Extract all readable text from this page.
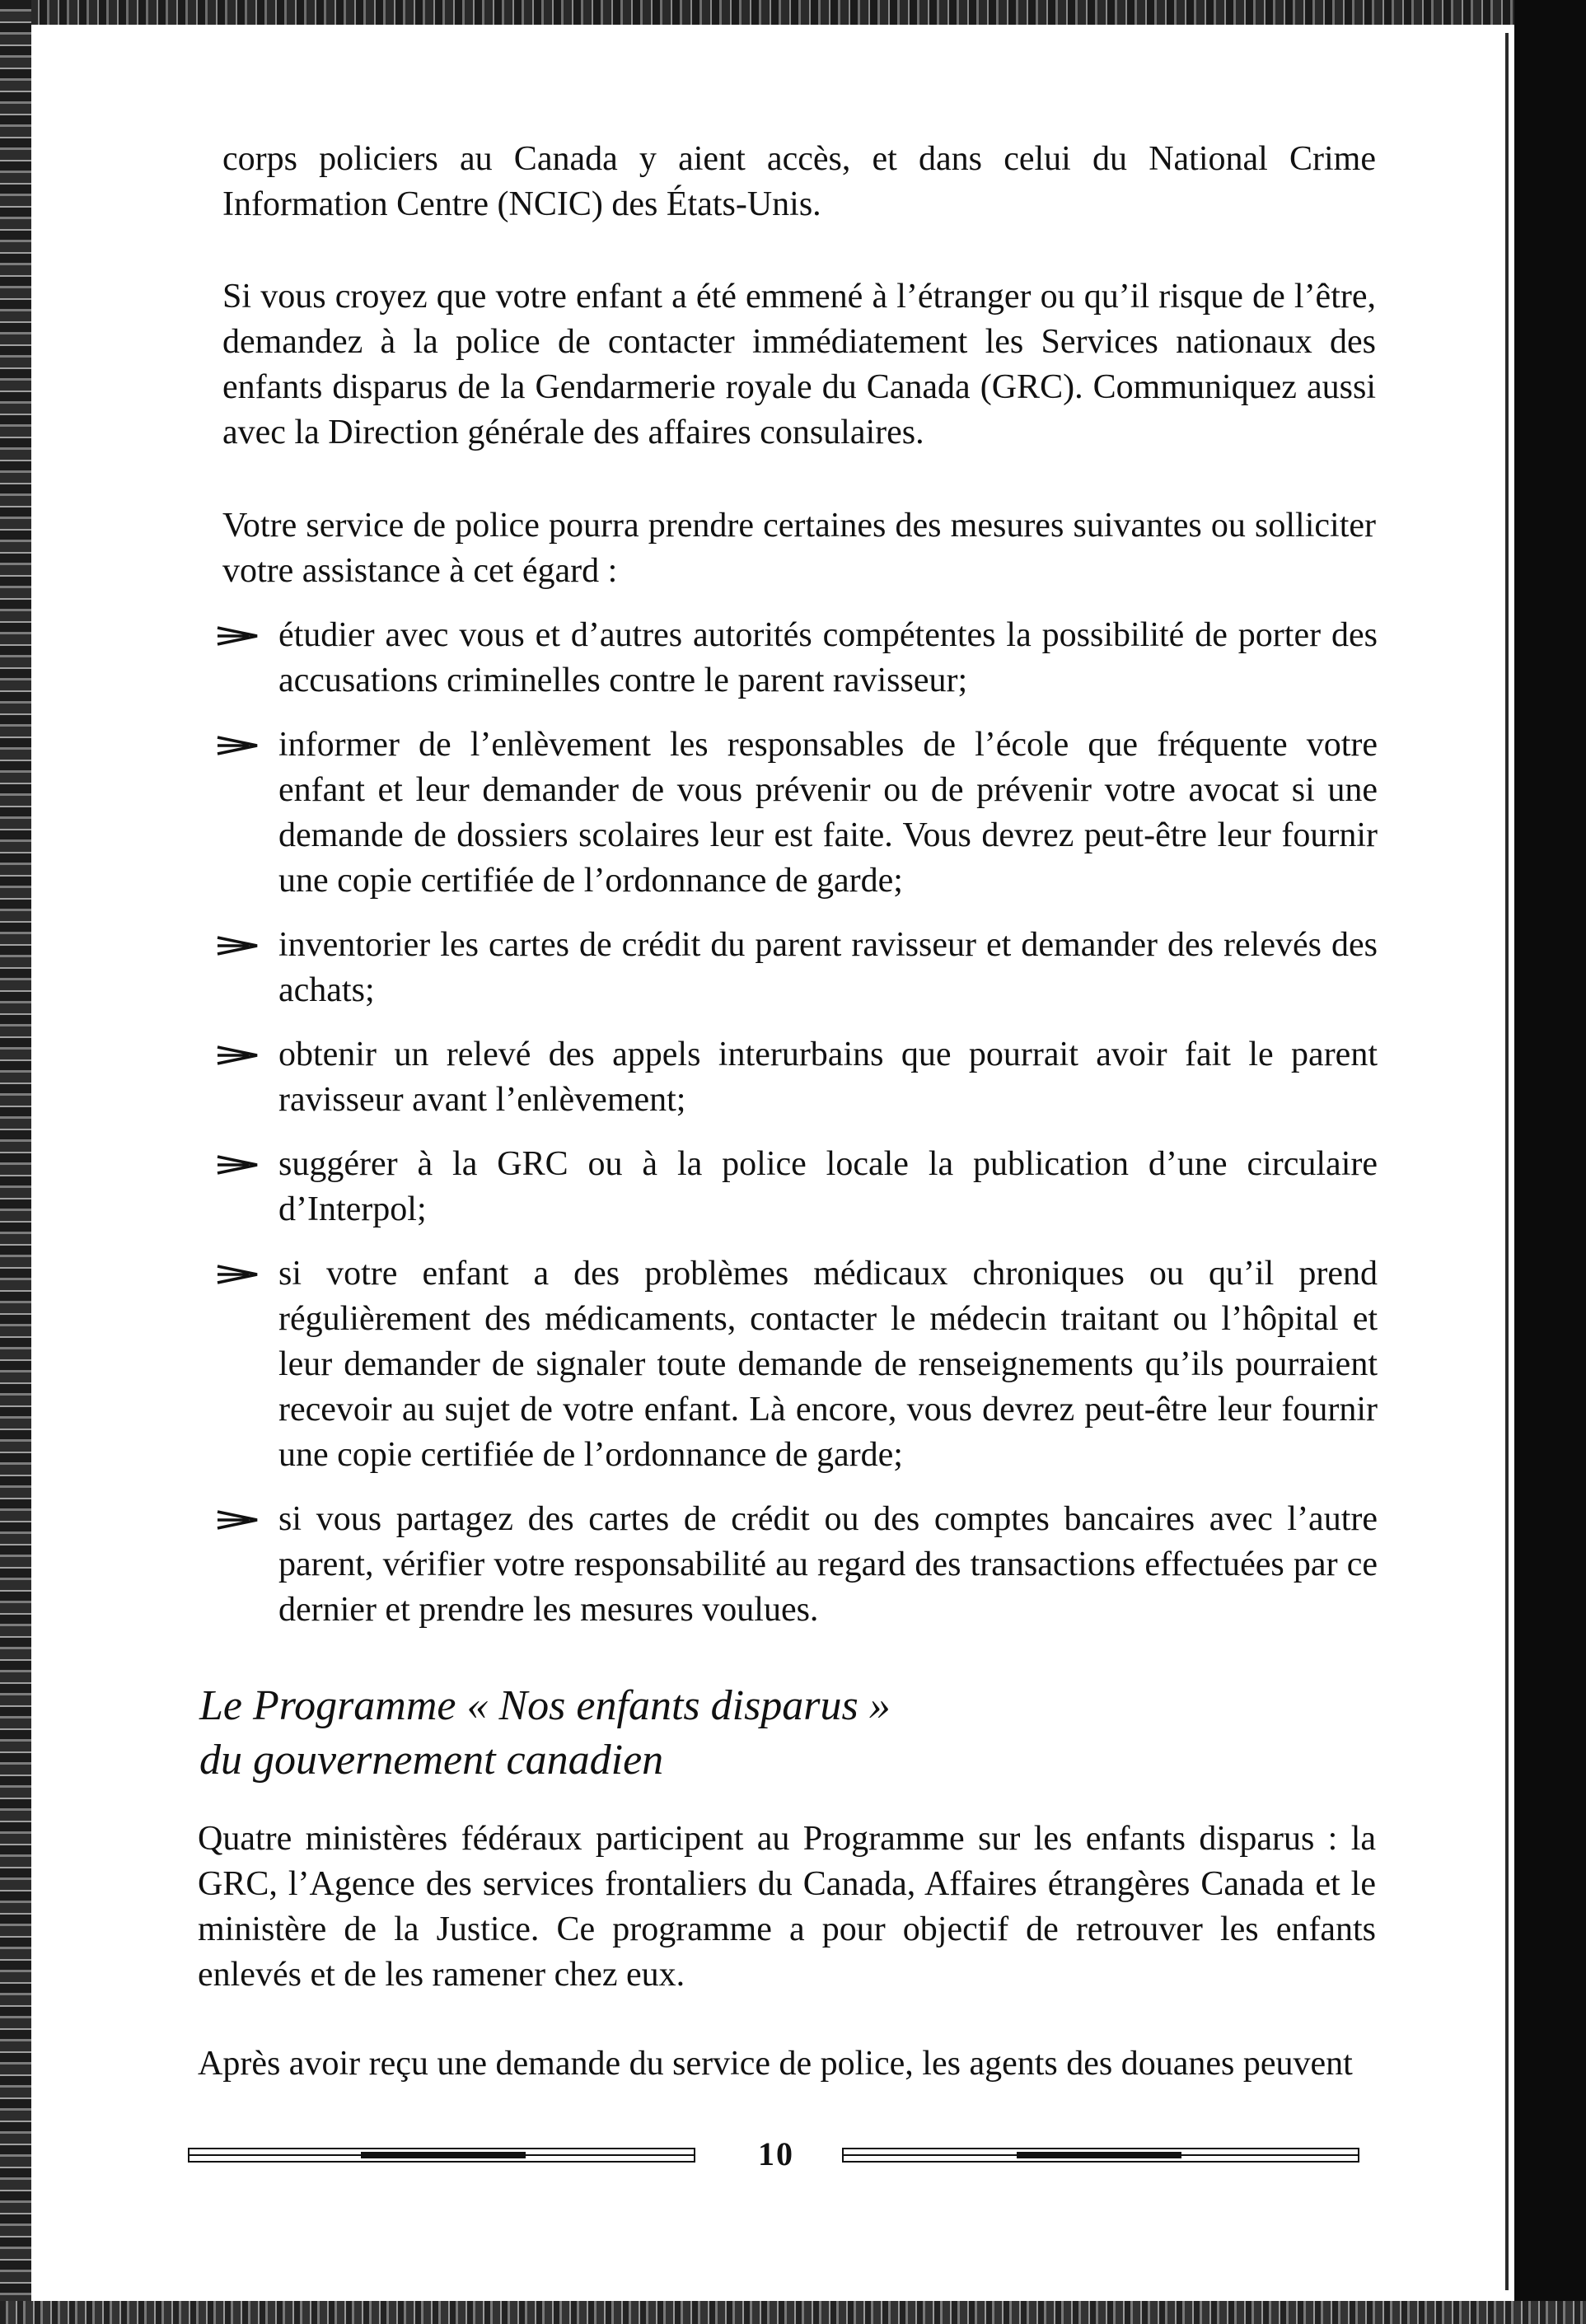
corps policiers au Canada y aient accès, et dans celui du National Crime Information Centre (NCIC) des États-Unis.

Si vous croyez que votre enfant a été emmené à l’étranger ou qu’il risque de l’être, demandez à la police de contacter immédiatement les Services nationaux des enfants disparus de la Gendarmerie royale du Canada (GRC). Communiquez aussi avec la Direction générale des affaires consulaires.

Votre service de police pourra prendre certaines des mesures suivantes ou solliciter votre assistance à cet égard :

étudier avec vous et d’autres autorités compétentes la possibilité de porter des accusations criminelles contre le parent ravisseur;
informer de l’enlèvement les responsables de l’école que fréquente votre enfant et leur demander de vous prévenir ou de prévenir votre avocat si une demande de dossiers scolaires leur est faite. Vous devrez peut-être leur fournir une copie certifiée de l’ordonnance de garde;
inventorier les cartes de crédit du parent ravisseur et demander des relevés des achats;
obtenir un relevé des appels interurbains que pourrait avoir fait le parent ravisseur avant l’enlèvement;
suggérer à la GRC ou à la police locale la publication d’une circulaire d’Interpol;
si votre enfant a des problèmes médicaux chroniques ou qu’il prend régulièrement des médicaments, contacter le médecin traitant ou l’hôpital et leur demander de signaler toute demande de renseignements qu’ils pourraient recevoir au sujet de votre enfant. Là encore, vous devrez peut-être leur fournir une copie certifiée de l’ordonnance de garde;
si vous partagez des cartes de crédit ou des comptes bancaires avec l’autre parent, vérifier votre responsabilité au regard des transactions effectuées par ce dernier et prendre les mesures voulues.
Le Programme « Nos enfants disparus »
du gouvernement canadien

Quatre ministères fédéraux participent au Programme sur les enfants disparus : la GRC, l’Agence des services frontaliers du Canada, Affaires étrangères Canada et le ministère de la Justice. Ce programme a pour objectif de retrouver les enfants enlevés et de les ramener chez eux.

Après avoir reçu une demande du service de police, les agents des douanes peuvent

10
